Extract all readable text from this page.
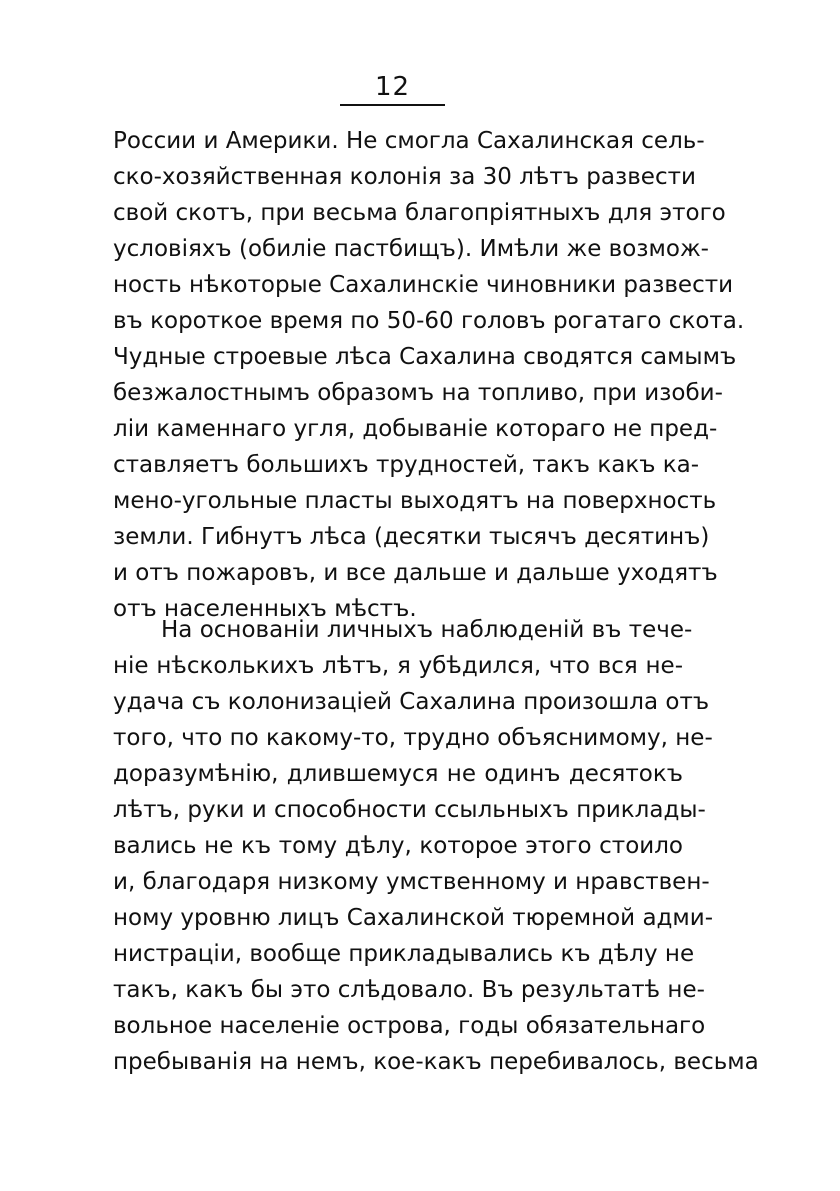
12
России и Америки. Не смогла Сахалинская сель-
ско-хозяйственная колонія за 30 лѣтъ развести
свой скотъ, при весьма благопріятныхъ для этого
условіяхъ (обиліе пастбищъ). Имѣли же возмож-
ность нѣкоторые Сахалинскіе чиновники развести
въ короткое время по 50-60 головъ рогатаго скота.
Чудные строевые лѣса Сахалина сводятся самымъ
безжалостнымъ образомъ на топливо, при изоби-
ліи каменнаго угля, добываніе котораго не пред-
ставляетъ большихъ трудностей, такъ какъ ка-
мено-угольные пласты выходятъ на поверхность
земли. Гибнутъ лѣса (десятки тысячъ десятинъ)
и отъ пожаровъ, и все дальше и дальше уходятъ
отъ населенныхъ мѣстъ.
На основаніи личныхъ наблюденій въ тече-
ніе нѣсколькихъ лѣтъ, я убѣдился, что вся не-
удача съ колонизаціей Сахалина произошла отъ
того, что по какому-то, трудно объяснимому, не-
доразумѣнію, длившемуся не одинъ десятокъ
лѣтъ, руки и способности ссыльныхъ приклады-
вались не къ тому дѣлу, которое этого стоило
и, благодаря низкому умственному и нравствен-
ному уровню лицъ Сахалинской тюремной адми-
нистраціи, вообще прикладывались къ дѣлу не
такъ, какъ бы это слѣдовало. Въ результатѣ не-
вольное населеніе острова, годы обязательнаго
пребыванія на немъ, кое-какъ перебивалось, весьма
